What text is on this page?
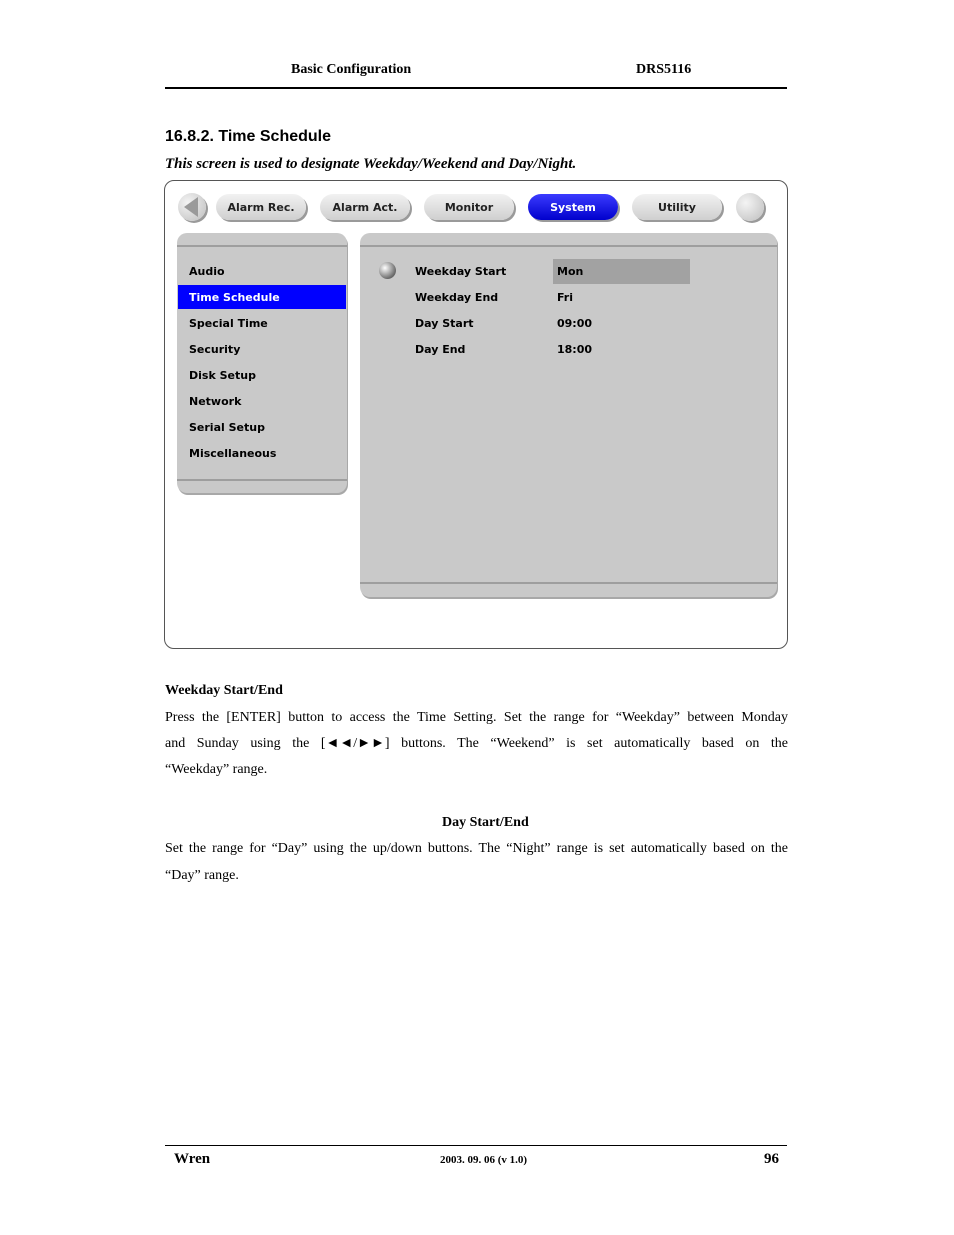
Basic Configuration	DRS5116
16.8.2. Time Schedule
This screen is used to designate Weekday/Weekend and Day/Night.
Alarm Rec.	Alarm Act.	Monitor	System	Utility
Audio
Time Schedule
Special Time
Security
Disk Setup
Network
Serial Setup
Miscellaneous
Weekday Start	Mon
Weekday End	Fri
Day Start	09:00
Day End	18:00
Weekday Start/End
Press the [ENTER] button to access the Time Setting. Set the range for “Weekday” between Monday
and Sunday using the [◄◄/►►] buttons. The “Weekend” is set automatically based on the
“Weekday” range.
Day Start/End
Set the range for “Day” using the up/down buttons. The “Night” range is set automatically based on the
“Day” range.
Wren	2003. 09. 06 (v 1.0)	96
